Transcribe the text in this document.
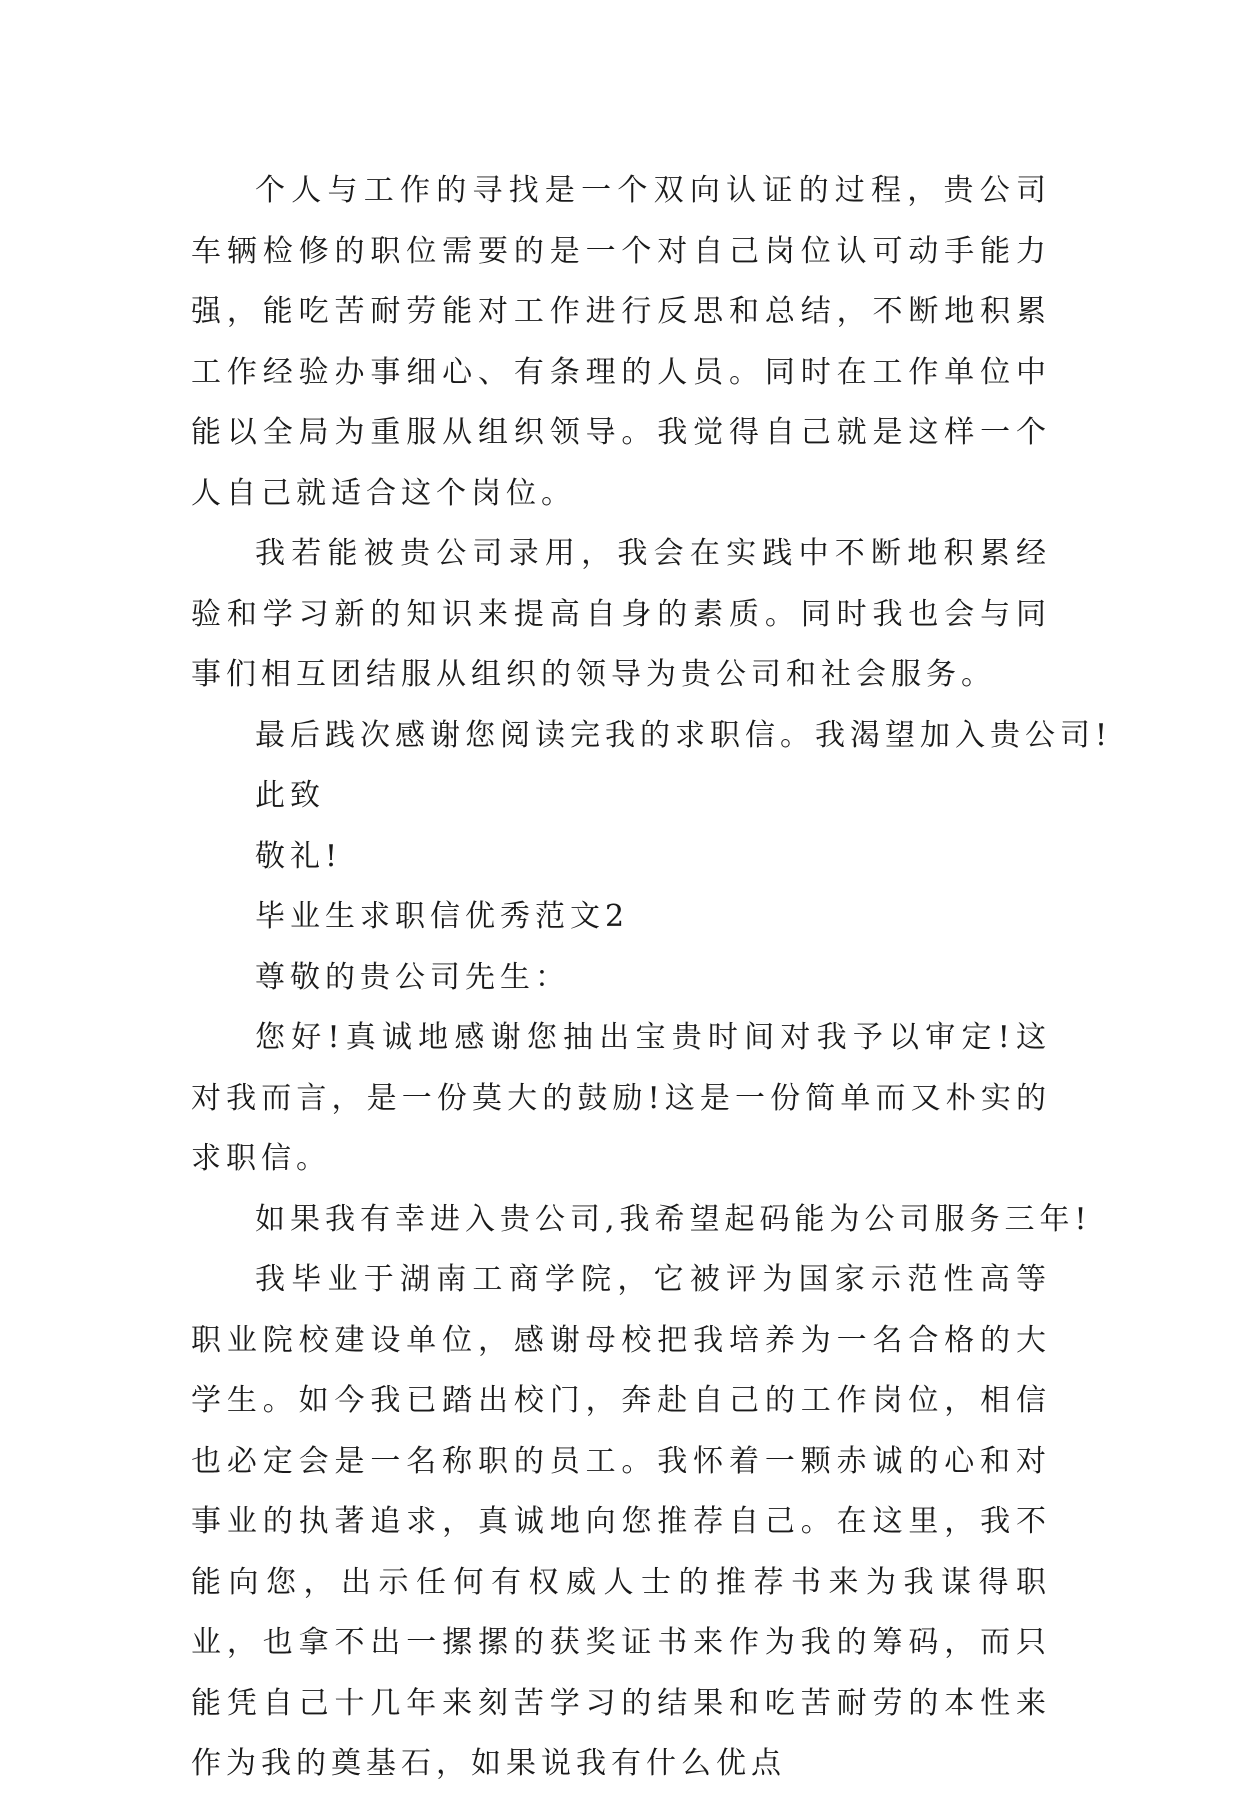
个人与工作的寻找是一个双向认证的过程，贵公司车辆检修的职位需要的是一个对自己岗位认可动手能力强，能吃苦耐劳能对工作进行反思和总结，不断地积累工作经验办事细心、有条理的人员。同时在工作单位中能以全局为重服从组织领导。我觉得自己就是这样一个人自己就适合这个岗位。

我若能被贵公司录用，我会在实践中不断地积累经验和学习新的知识来提高自身的素质。同时我也会与同事们相互团结服从组织的领导为贵公司和社会服务。

最后践次感谢您阅读完我的求职信。我渴望加入贵公司!

此致

敬礼!

毕业生求职信优秀范文2

尊敬的贵公司先生：

您好!真诚地感谢您抽出宝贵时间对我予以审定!这对我而言，是一份莫大的鼓励!这是一份简单而又朴实的求职信。

如果我有幸进入贵公司,我希望起码能为公司服务三年!

我毕业于湖南工商学院，它被评为国家示范性高等职业院校建设单位，感谢母校把我培养为一名合格的大学生。如今我已踏出校门，奔赴自己的工作岗位，相信也必定会是一名称职的员工。我怀着一颗赤诚的心和对事业的执著追求，真诚地向您推荐自己。在这里，我不能向您，出示任何有权威人士的推荐书来为我谋得职业，也拿不出一摞摞的获奖证书来作为我的筹码，而只能凭自己十几年来刻苦学习的结果和吃苦耐劳的本性来作为我的奠基石，如果说我有什么优点
